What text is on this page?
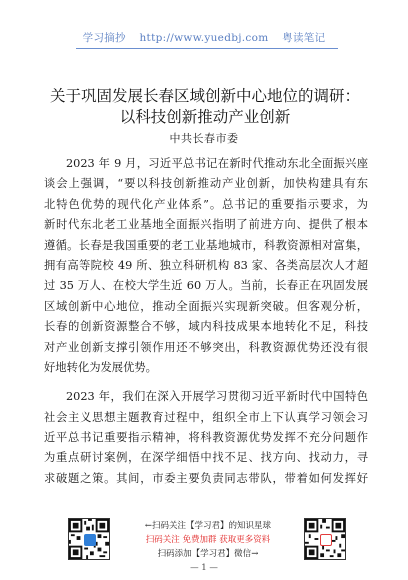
学习摘抄 http://www.yuedbj.com 粤读笔记
关于巩固发展长春区域创新中心地位的调研：
以科技创新推动产业创新
中共长春市委
2023 年 9 月，习近平总书记在新时代推动东北全面振兴座
谈会上强调，“要以科技创新推动产业创新，加快构建具有东
北特色优势的现代化产业体系”。总书记的重要指示要求，为
新时代东北老工业基地全面振兴指明了前进方向、提供了根本
遵循。长春是我国重要的老工业基地城市，科教资源相对富集，
拥有高等院校 49 所、独立科研机构 83 家、各类高层次人才超
过 35 万人、在校大学生近 60 万人。当前，长春正在巩固发展
区域创新中心地位，推动全面振兴实现新突破。但客观分析，
长春的创新资源整合不够，域内科技成果本地转化不足，科技
对产业创新支撑引领作用还不够突出，科教资源优势还没有很
好地转化为发展优势。
2023 年，我们在深入开展学习贯彻习近平新时代中国特色
社会主义思想主题教育过程中，组织全市上下认真学习领会习
近平总书记重要指示精神，将科教资源优势发挥不充分问题作
为重点研讨案例，在深学细悟中找不足、找方向、找动力，寻
求破题之策。其间，市委主要负责同志带队，带着如何发挥好
←扫码关注【学习君】的知识星球
扫码关注 免费加群 获取更多资料
扫码添加【学习君】微信→
— 1 —
